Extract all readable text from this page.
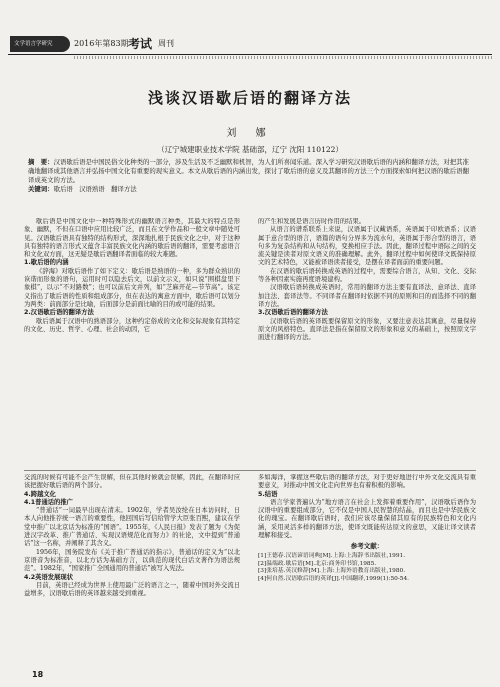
文学语言学研究	2016年第83期 考试 周刊
浅谈汉语歇后语的翻译方法
刘 娜
（辽宁城建职业技术学院 基础部，辽宁 沈阳 110122）

摘　要：汉语歇后语是中国民俗文化种类的一部分，涉及生活及不乏幽默和机智，为人们所喜闻乐道。深入学习研究汉语歇后语的内涵和翻译方法，对把其准确地翻译成其他语言并弘扬中国文化有重要的现实意义。本文从歇后语的内涵出发，探讨了歇后语的意义及其翻译的方法三个方面探索如何把汉语的歇后语翻译成英文的方法。

关键词：歇后语　汉语熟语　翻译方法

歇后语是中国文化中一种特殊形式的幽默语言种类，其最大的特点是形象、幽默，不但在口语中应用比较广泛，而且在文学作品和一般文章中随处可见。汉语歇后语具有独特的结构形式，深深地扎根于民族文化之中，对于这种具有独特的语言形式又蕴含丰富民族文化内涵的歇后语的翻译，需要考虑语言和文化双方面，这无疑是歇后语翻译者面临的较大难题。

1.歇后语的内涵

《辞海》对歇后语作了如下定义：歇后语是熟语的一种，多为群众熟识的诙谐而形象的语句，运用时可以隐去后文，以前文示义，如只说“围棋盘里下象棋”，以示“不对路数”；也可以前后文并列，如“芝麻开花—节节高”。该定义指出了歇后语的性质和组成部分，但在表达的寓意方面中，歇后语可以划分为两类：前面部分是比喻，后面部分是前面比喻的目的或可能的结果。

2.汉语歇后语的翻译方法

歇后语属于汉语中的熟语部分，这种约定俗成的文化和交际现象有其特定的文化、历史、哲学、心理、社会的动因，它

的产生和发展是语言历时作用的结果。

从语言的谱系联系上来说，汉语属于汉藏语系，英语属于印欧语系；汉语属于意合型的语言，语篇的语句分界多为流水句，英语属于形合型的语言，语句多为复杂结构和从句结构，变换相应手法。因此，翻译过程中语际之间的交流关键是读者对原文语义的准确理解。此外，翻译过程中如何使译文既保持原文的艺术特色，又能被译语读者接受，是摆在译者面前的重要问题。

在汉语的歇后语转换成英语的过程中，需要综合语言，从知、文化、交际等各种因素实施再度语境建构。

汉语歇后语转换成英语时，常用的翻译方法主要有直译法、意译法、直译加注法、套译法等。不同译者在翻译时依据不同的原则和目的而选择不同的翻译方法。

3.汉语歇后语的翻译方法

汉语歇后语的英译既要保留原文的形象，又要注意表达其寓意，尽量保持原文的风格特色。直译法是指在保留原文的形象和意义的基础上，按照原文字面进行翻译的方法。

交流的时候有可能不会产生误解，但在其他时候就会误解，因此，在翻译时应该把握好歇后语的两个部分。

4.跨越文化

4.1普通话的推广

“普通话”一词最早出现在清末。1902年，学者吴汝纶在日本访问时，日本人向他推荐统一语言的重要性，他回国后写信给管学大臣张百熙，建议在学堂中推广以北京话为标准的“国语”。1955年，《人民日报》发表了题为《为促进汉字改革、推广普通话、实现汉语规范化而努力》的社论，文中提到“普通话”这一名称，并阐释了其含义。

1956年，国务院发布《关于推广普通话的指示》，普通话的定义为“以北京语音为标准音，以北方话为基础方言，以典范的现代白话文著作为语法规范”。1982年，“国家推广全国通用的普通话”被写入宪法。

4.2英语发展现状

目前，英语已经成为世界上使用最广泛的语言之一，随着中国对外交流日益增多，汉语歇后语的英译越来越受到重视。

多如海洋，掌握这些歇后语的翻译方法，对于更好地进行中外文化交流具有重要意义，对推动中国文化走向世界也有着积极的影响。

5.结语

语言学家普遍认为“地方语言在社会上发挥着重要作用”，汉语歇后语作为汉语中的重要组成部分，它不仅是中国人民智慧的结晶，而且也是中华民族文化的瑰宝。在翻译歇后语时，我们应该尽量保留其原有的民族特色和文化内涵，采用灵活多样的翻译方法，使译文既能传达原文的意思，又能让译文读者理解和接受。

参考文献：

[1]王德春.汉语谚语词典[M].上海:上海辞书出版社,1991.

[2]温端政.歇后语[M].北京:商务印书馆,1985.

[3]张培基.英汉修辞[M].上海:上海外语教育出版社,1980.

[4]何自然.汉语歇后语的英译[J].中国翻译,1999(1):50-54.

18
